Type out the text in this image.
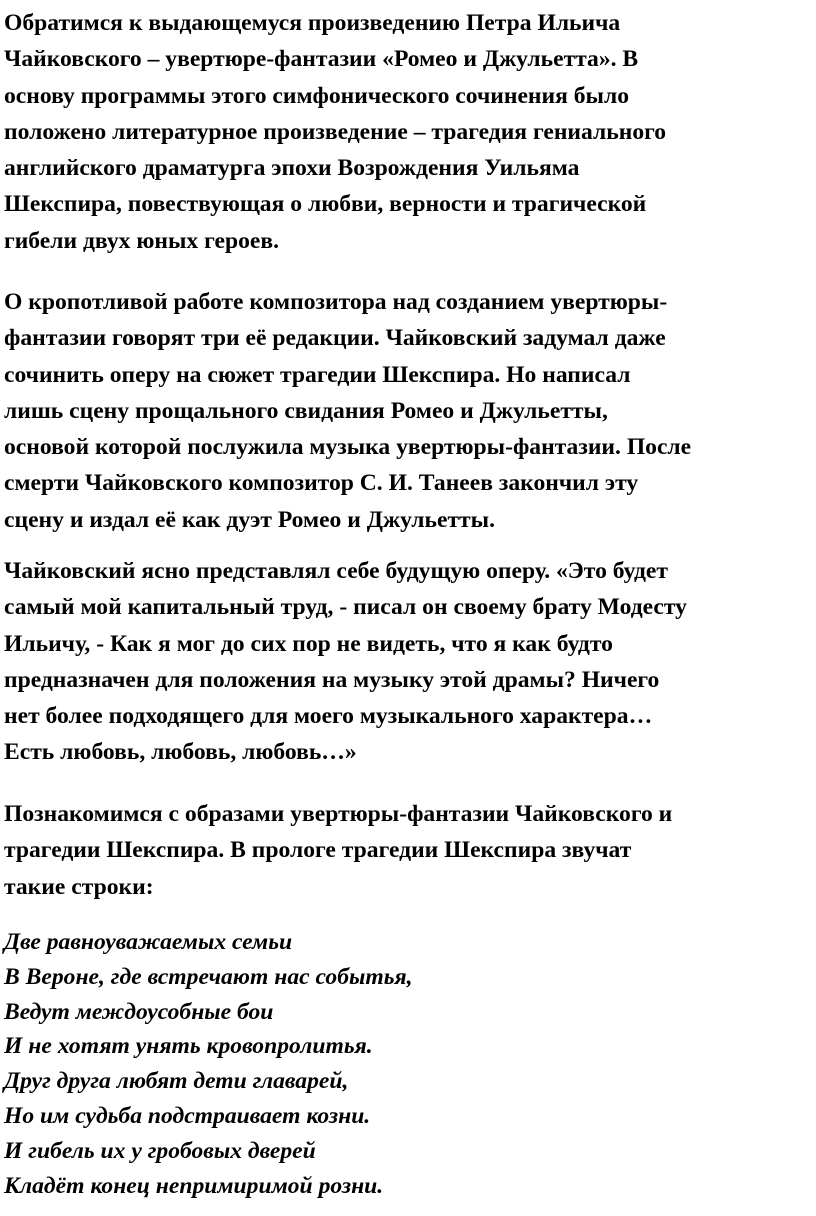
Обратимся к выдающемуся произведению Петра Ильича
Чайковского – увертюре-фантазии «Ромео и Джульетта». В
основу программы этого симфонического сочинения было
положено литературное произведение – трагедия гениального
английского драматурга эпохи Возрождения Уильяма
Шекспира, повествующая о любви, верности и трагической
гибели двух юных героев.

О кропотливой работе композитора над созданием увертюры-
фантазии говорят три её редакции. Чайковский задумал даже
сочинить оперу на сюжет трагедии Шекспира. Но написал
лишь сцену прощального свидания Ромео и Джульетты,
основой которой послужила музыка увертюры-фантазии. После
смерти Чайковского композитор С. И. Танеев закончил эту
сцену и издал её как дуэт Ромео и Джульетты.

Чайковский ясно представлял себе будущую оперу. «Это будет
самый мой капитальный труд, - писал он своему брату Модесту
Ильичу, - Как я мог до сих пор не видеть, что я как будто
предназначен для положения на музыку этой драмы? Ничего
нет более подходящего для моего музыкального характера…
Есть любовь, любовь, любовь…»

Познакомимся с образами увертюры-фантазии Чайковского и
трагедии Шекспира. В прологе трагедии Шекспира звучат
такие строки:

Две равноуважаемых семьи
В Вероне, где встречают нас событья,
Ведут междоусобные бои
И не хотят унять кровопролитья.
Друг друга любят дети главарей,
Но им судьба подстраивает козни.
И гибель их у гробовых дверей
Кладёт конец непримиримой розни.
